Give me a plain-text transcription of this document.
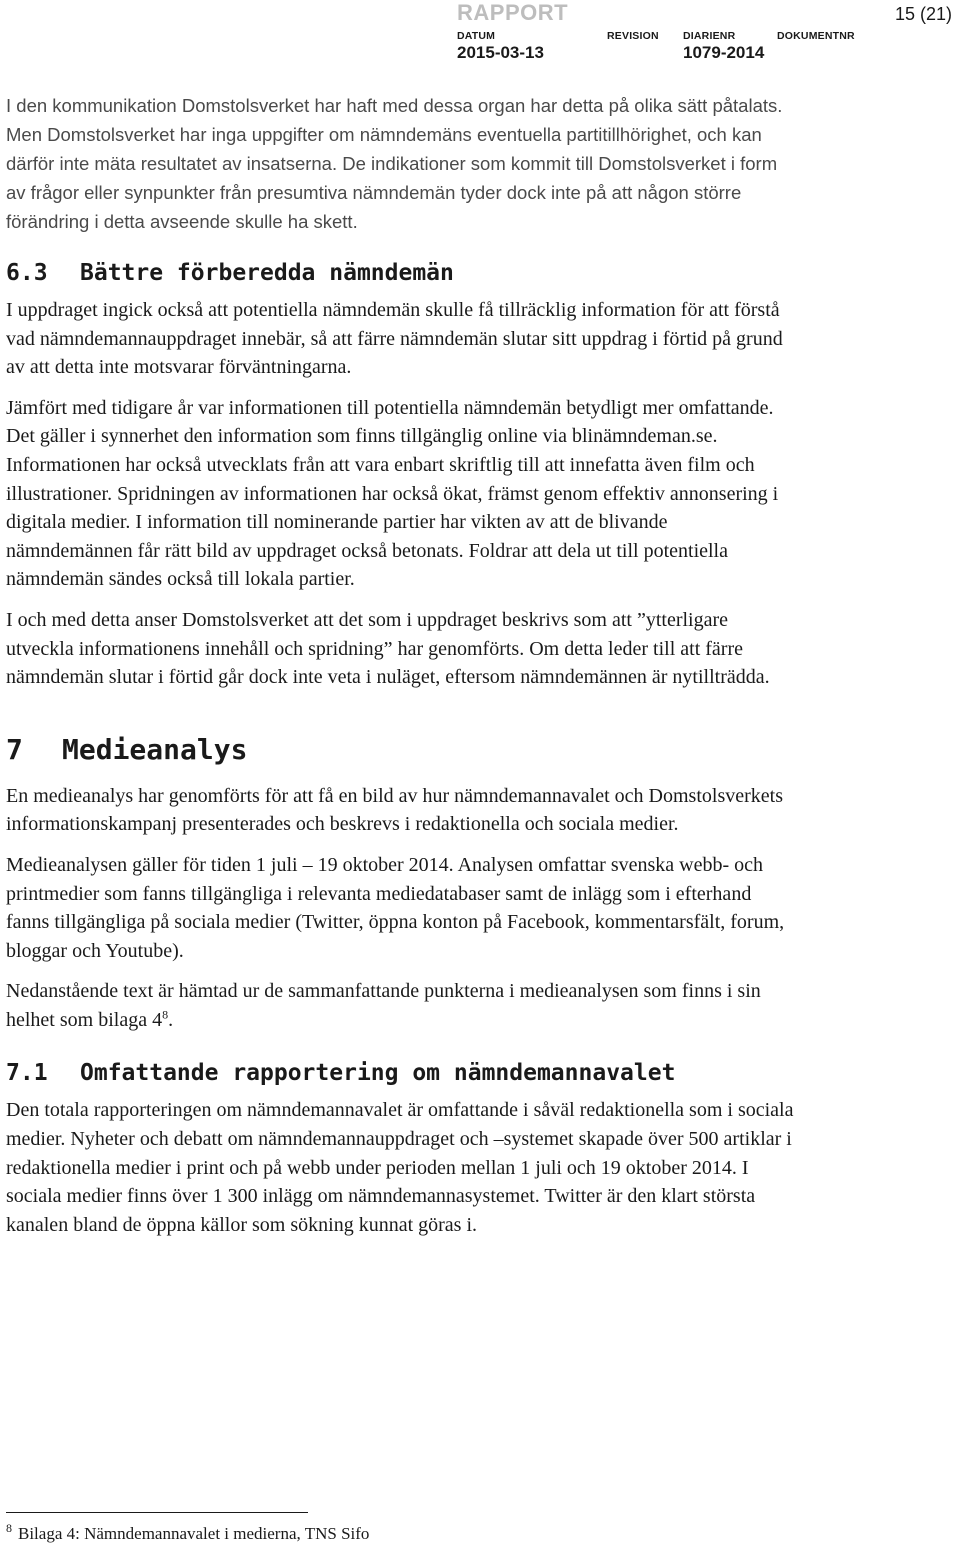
RAPPORT	15 (21)
DATUM	REVISION DIARIENR	DOKUMENTNR
2015-03-13	1079-2014

I den kommunikation Domstolsverket har haft med dessa organ har detta på olika sätt påtalats. Men Domstolsverket har inga uppgifter om nämndemäns eventuella partitillhörighet, och kan därför inte mäta resultatet av insatserna. De indikationer som kommit till Domstolsverket i form av frågor eller synpunkter från presumtiva nämndemän tyder dock inte på att någon större förändring i detta avseende skulle ha skett.

6.3 Bättre förberedda nämndemän

I uppdraget ingick också att potentiella nämndemän skulle få tillräcklig information för att förstå vad nämndemannauppdraget innebär, så att färre nämndemän slutar sitt uppdrag i förtid på grund av att detta inte motsvarar förväntningarna.

Jämfört med tidigare år var informationen till potentiella nämndemän betydligt mer omfattande. Det gäller i synnerhet den information som finns tillgänglig online via blinämndeman.se. Informationen har också utvecklats från att vara enbart skriftlig till att innefatta även film och illustrationer. Spridningen av informationen har också ökat, främst genom effektiv annonsering i digitala medier. I information till nominerande partier har vikten av att de blivande nämndemännen får rätt bild av uppdraget också betonats. Foldrar att dela ut till potentiella nämndemän sändes också till lokala partier.

I och med detta anser Domstolsverket att det som i uppdraget beskrivs som att ”ytterligare utveckla informationens innehåll och spridning” har genomförts. Om detta leder till att färre nämndemän slutar i förtid går dock inte veta i nuläget, eftersom nämndemännen är nytillträdda.

7 Medieanalys

En medieanalys har genomförts för att få en bild av hur nämndemannavalet och Domstolsverkets informationskampanj presenterades och beskrevs i redaktionella och sociala medier.

Medieanalysen gäller för tiden 1 juli – 19 oktober 2014. Analysen omfattar svenska webb- och printmedier som fanns tillgängliga i relevanta mediedatabaser samt de inlägg som i efterhand fanns tillgängliga på sociala medier (Twitter, öppna konton på Facebook, kommentarsfält, forum, bloggar och Youtube).

Nedanstående text är hämtad ur de sammanfattande punkterna i medieanalysen som finns i sin helhet som bilaga $4^8$.

7.1 Omfattande rapportering om nämndemannavalet

Den totala rapporteringen om nämndemannavalet är omfattande i såväl redaktionella som i sociala medier. Nyheter och debatt om nämndemannauppdraget och –systemet skapade över 500 artiklar i redaktionella medier i print och på webb under perioden mellan 1 juli och 19 oktober 2014. I sociala medier finns över 1 300 inlägg om nämndemannasystemet. Twitter är den klart största kanalen bland de öppna källor som sökning kunnat göras i.

$^8$ Bilaga 4: Nämndemannavalet i medierna, TNS Sifo
